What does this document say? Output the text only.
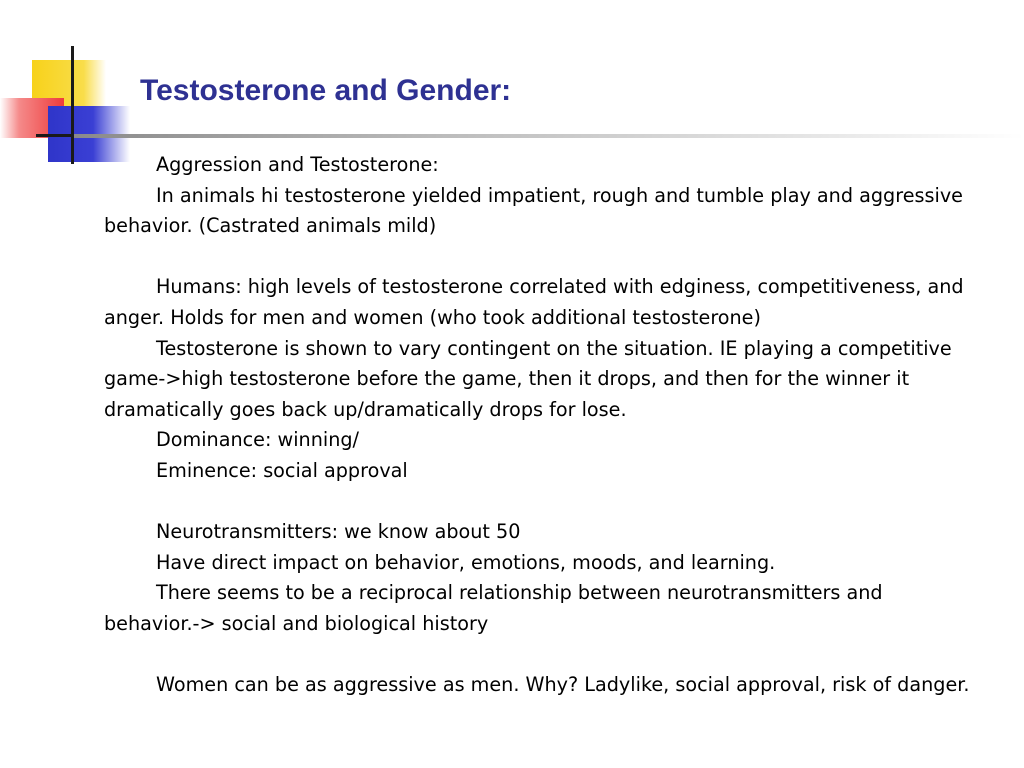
Testosterone and Gender:

Aggression and Testosterone:

In animals hi testosterone yielded impatient, rough and tumble play and aggressive behavior. (Castrated animals mild)

Humans: high levels of testosterone correlated with edginess, competitiveness, and anger. Holds for men and women (who took additional testosterone)

Testosterone is shown to vary contingent on the situation. IE playing a competitive game->high testosterone before the game, then it drops, and then for the winner it dramatically goes back up/dramatically drops for lose.

Dominance: winning/

Eminence: social approval

Neurotransmitters: we know about 50

Have direct impact on behavior, emotions, moods, and learning.

There seems to be a reciprocal relationship between neurotransmitters and behavior.-> social and biological history

Women can be as aggressive as men. Why? Ladylike, social approval, risk of danger.
